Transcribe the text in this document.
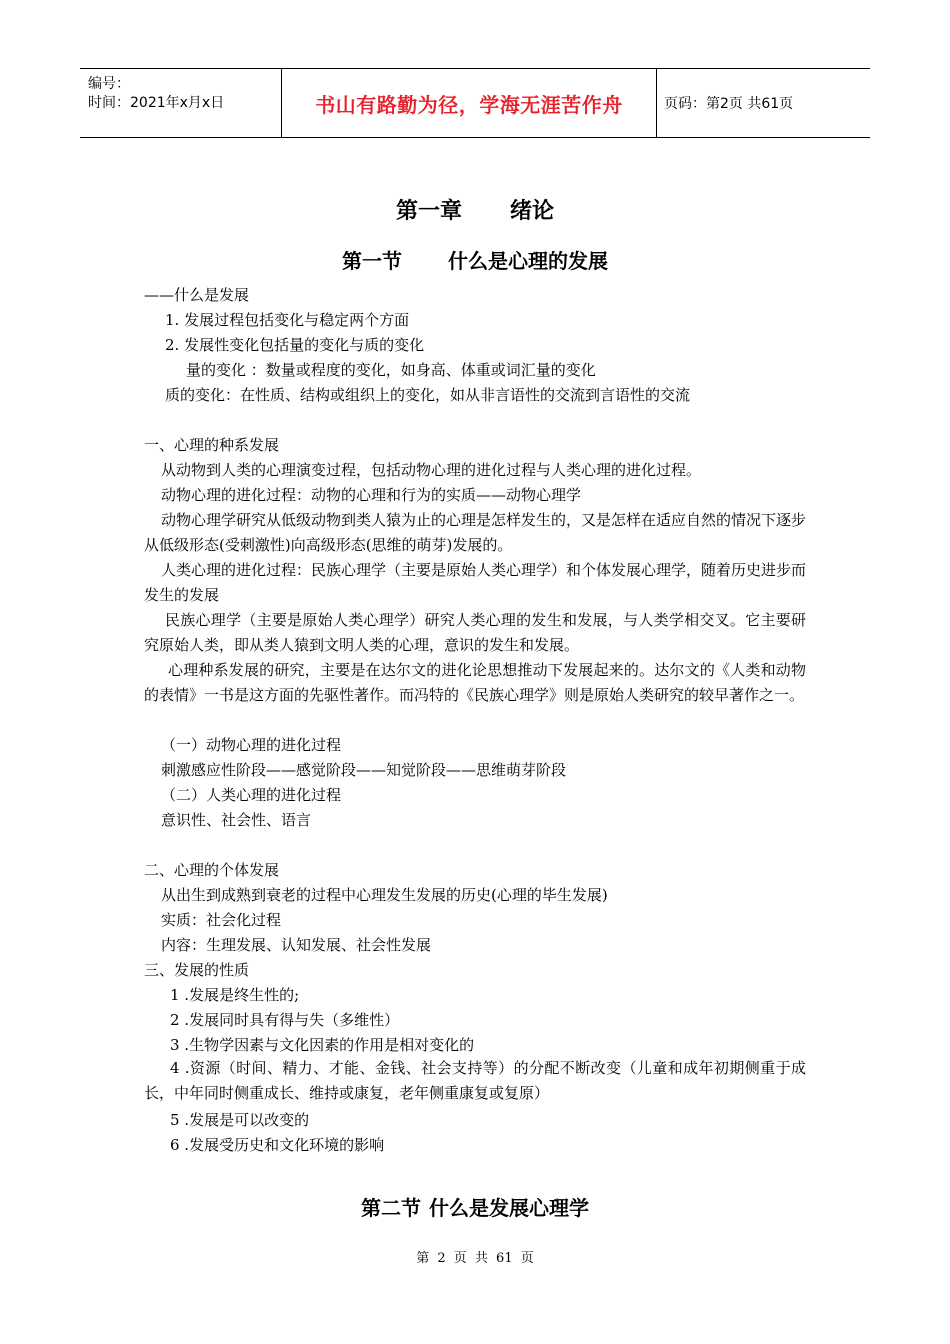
编号：
时间：2021年x月x日	书山有路勤为径，学海无涯苦作舟	页码：第2页 共61页
第一章 绪论
第一节 什么是心理的发展
——什么是发展
1. 发展过程包括变化与稳定两个方面
2. 发展性变化包括量的变化与质的变化
量的变化 ：数量或程度的变化，如身高、体重或词汇量的变化
质的变化：在性质、结构或组织上的变化，如从非言语性的交流到言语性的交流
一、心理的种系发展
从动物到人类的心理演变过程，包括动物心理的进化过程与人类心理的进化过程。
动物心理的进化过程：动物的心理和行为的实质——动物心理学
动物心理学研究从低级动物到类人猿为止的心理是怎样发生的，又是怎样在适应自然的情况下逐步从低级形态(受刺激性)向高级形态(思维的萌芽)发展的。
人类心理的进化过程：民族心理学（主要是原始人类心理学）和个体发展心理学，随着历史进步而发生的发展
民族心理学（主要是原始人类心理学）研究人类心理的发生和发展，与人类学相交叉。它主要研究原始人类，即从类人猿到文明人类的心理，意识的发生和发展。
心理种系发展的研究，主要是在达尔文的进化论思想推动下发展起来的。达尔文的《人类和动物的表情》一书是这方面的先驱性著作。而冯特的《民族心理学》则是原始人类研究的较早著作之一。
（一）动物心理的进化过程
刺激感应性阶段——感觉阶段——知觉阶段——思维萌芽阶段
（二）人类心理的进化过程
意识性、社会性、语言
二、心理的个体发展
从出生到成熟到衰老的过程中心理发生发展的历史(心理的毕生发展)
实质：社会化过程
内容：生理发展、认知发展、社会性发展
三、发展的性质
1 .发展是终生性的;
2 .发展同时具有得与失（多维性）
3 .生物学因素与文化因素的作用是相对变化的
4 .资源（时间、精力、才能、金钱、社会支持等）的分配不断改变（儿童和成年初期侧重于成长，中年同时侧重成长、维持或康复，老年侧重康复或复原）
5 .发展是可以改变的
6 .发展受历史和文化环境的影响
第二节 什么是发展心理学
第 2 页 共 61 页
